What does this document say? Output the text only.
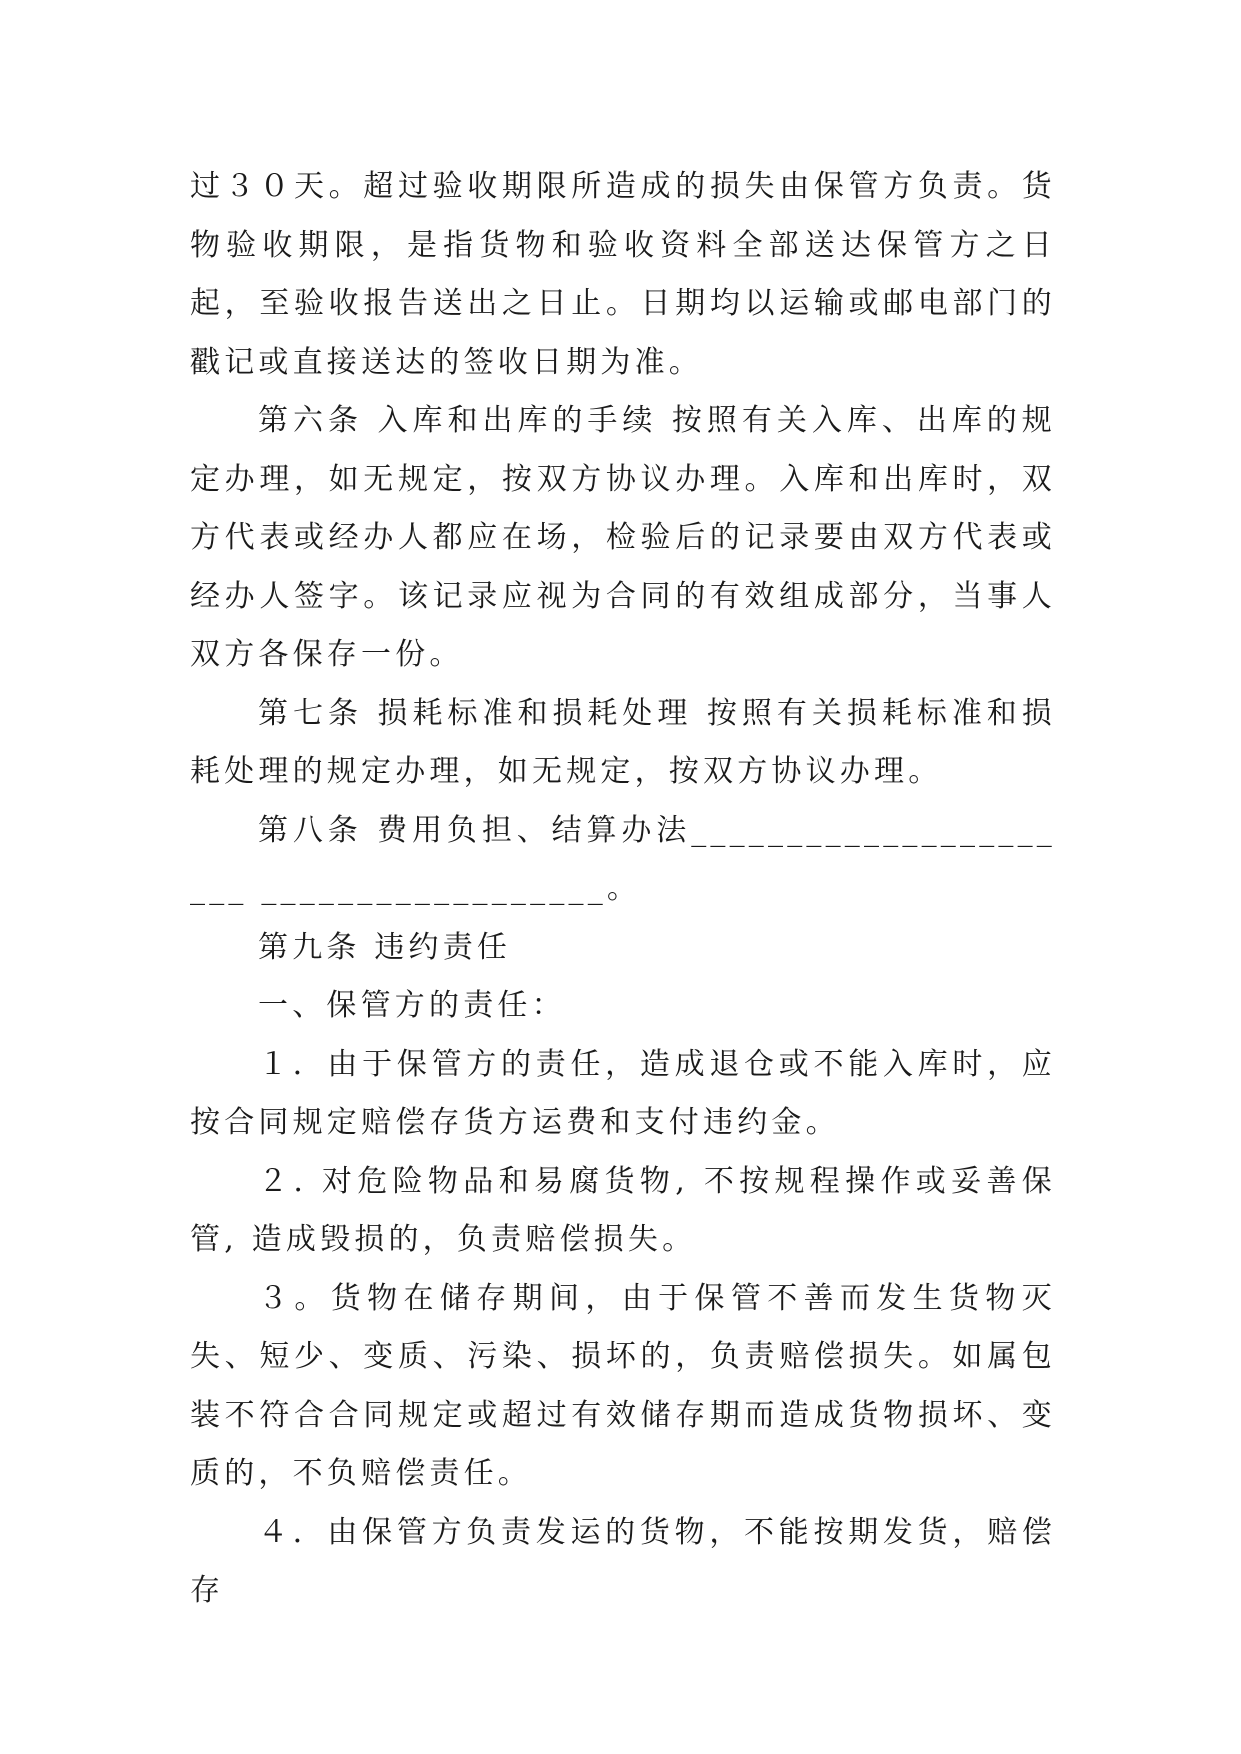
过３０天。超过验收期限所造成的损失由保管方负责。货物验收期限，是指货物和验收资料全部送达保管方之日起，至验收报告送出之日止。日期均以运输或邮电部门的戳记或直接送达的签收日期为准。

第六条 入库和出库的手续 按照有关入库、出库的规定办理，如无规定，按双方协议办理。入库和出库时，双方代表或经办人都应在场，检验后的记录要由双方代表或经办人签字。该记录应视为合同的有效组成部分，当事人双方各保存一份。

第七条 损耗标准和损耗处理 按照有关损耗标准和损耗处理的规定办理，如无规定，按双方协议办理。

第八条 费用负担、结算办法______________________ __________________。

第九条 违约责任

一、保管方的责任：

１．由于保管方的责任，造成退仓或不能入库时，应按合同规定赔偿存货方运费和支付违约金。

２. 对危险物品和易腐货物, 不按规程操作或妥善保管, 造成毁损的，负责赔偿损失。

３。货物在储存期间，由于保管不善而发生货物灭失、短少、变质、污染、损坏的，负责赔偿损失。如属包装不符合合同规定或超过有效储存期而造成货物损坏、变质的，不负赔偿责任。

４．由保管方负责发运的货物，不能按期发货，赔偿存
